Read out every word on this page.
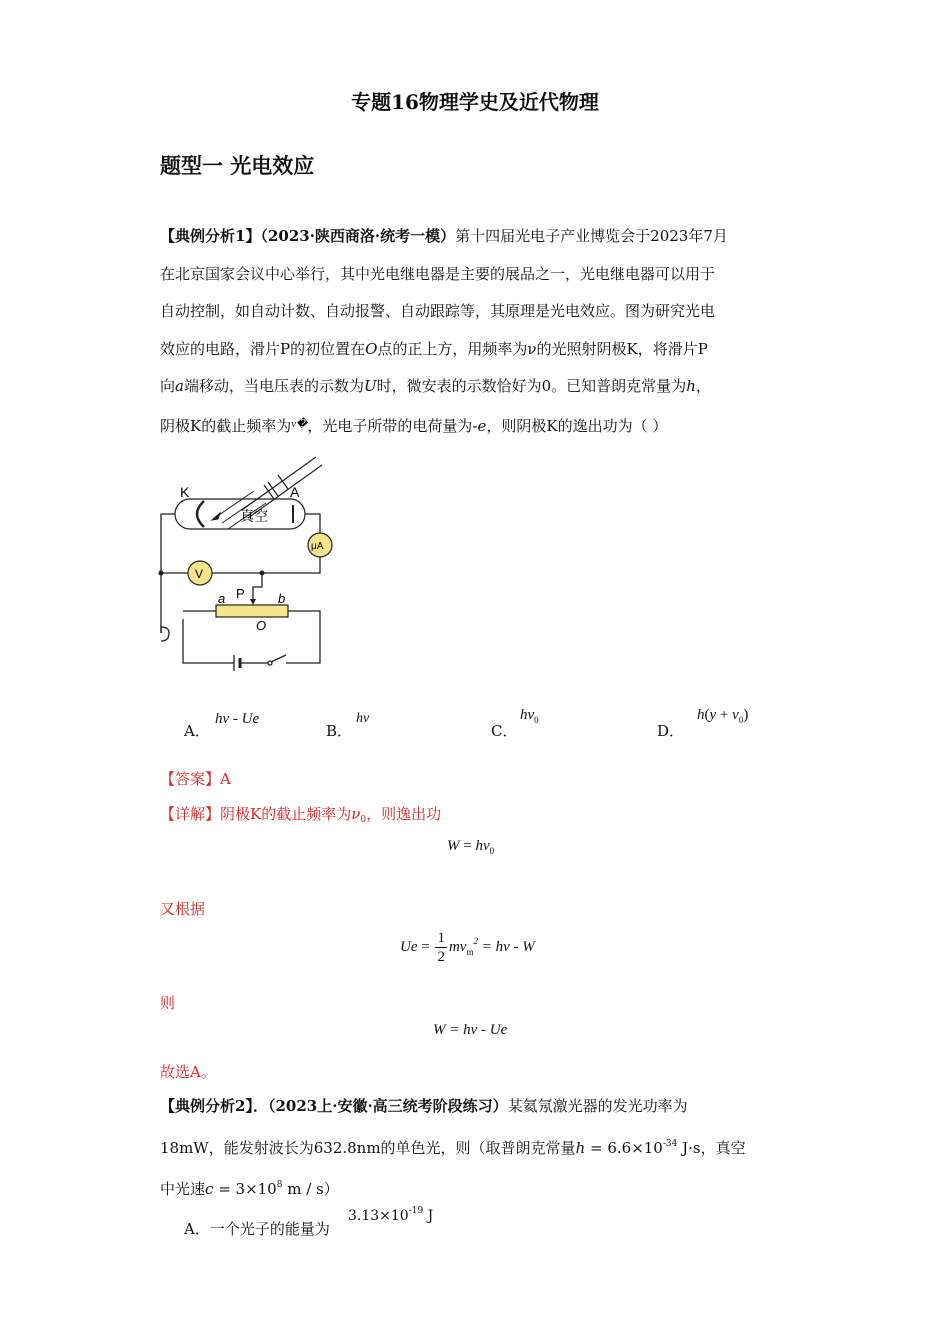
专题16物理学史及近代物理
题型一 光电效应

【典例分析1】（2023·陕西商洛·统考一模）第十四届光电子产业博览会于2023年7月

在北京国家会议中心举行，其中光电继电器是主要的展品之一，光电继电器可以用于

自动控制，如自动计数、自动报警、自动跟踪等，其原理是光电效应。图为研究光电

效应的电路，滑片P的初位置在O点的正上方，用频率为ν的光照射阴极K，将滑片P

向a端移动，当电压表的示数为U时，微安表的示数恰好为0。已知普朗克常量为h，

阴极K的截止频率为$^{\nu�}$，光电子所带的电荷量为-e，则阴极K的逸出功为（ ）

K	A
真空
μA
V
P
a	b
O
A．
hν - Ue
B．
hν
C．
$h\nu_0$
D．
$h(y + \nu_0)$
【答案】A
【详解】阴极K的截止频率为$\nu_0$，则逸出功
$W = h\nu_0$
又根据
$Ue = \frac{1}{2} mv_m^2 = h\nu - W$
则
W = hν - Ue
故选A。

【典例分析2】．（2023上·安徽·高三统考阶段练习）某氦氖激光器的发光功率为

18mW，能发射波长为632.8nm的单色光，则（取普朗克常量$h = 6.6\times 10^{-34}$ J·s，真空

中光速$c = 3\times 10^8$ m / s）

A．一个光子的能量为
$3.13\times 10^{-19}$ J
